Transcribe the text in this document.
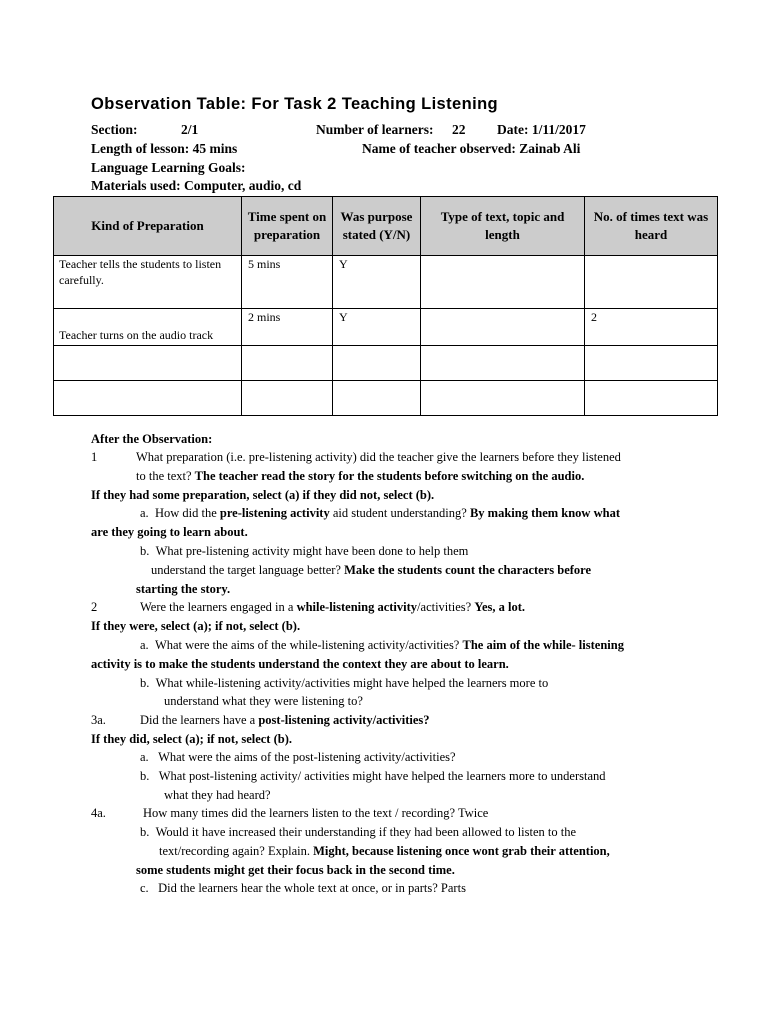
Observation Table: For Task 2 Teaching Listening
Section:	2/1	Number of learners: 22 Date: 1/11/2017
Length of lesson: 45 mins	Name of teacher observed: Zainab Ali
Language Learning Goals:
Materials used: Computer, audio, cd
Kind of Preparation	Time spent on preparation	Was purpose stated (Y/N)	Type of text, topic and length	No. of times text was heard
Teacher tells the students to listen carefully.	5 mins	Y		
Teacher turns on the audio track	2 mins	Y		2

After the Observation:
1	What preparation (i.e. pre-listening activity) did the teacher give the learners before they listened
to the text? The teacher read the story for the students before switching on the audio.
If they had some preparation, select (a) if they did not, select (b).
a. How did the pre-listening activity aid student understanding? By making them know what
are they going to learn about.
b. What pre-listening activity might have been done to help them
understand the target language better? Make the students count the characters before
starting the story.
2	Were the learners engaged in a while-listening activity/activities? Yes, a lot.
If they were, select (a); if not, select (b).
a. What were the aims of the while-listening activity/activities? The aim of the while- listening
activity is to make the students understand the context they are about to learn.
b. What while-listening activity/activities might have helped the learners more to
understand what they were listening to?
3a.	Did the learners have a post-listening activity/activities?
If they did, select (a); if not, select (b).
a. What were the aims of the post-listening activity/activities?
b. What post-listening activity/ activities might have helped the learners more to understand
what they had heard?
4a.	How many times did the learners listen to the text / recording? Twice
b. Would it have increased their understanding if they had been allowed to listen to the
text/recording again? Explain. Might, because listening once wont grab their attention,
some students might get their focus back in the second time.
c. Did the learners hear the whole text at once, or in parts? Parts
